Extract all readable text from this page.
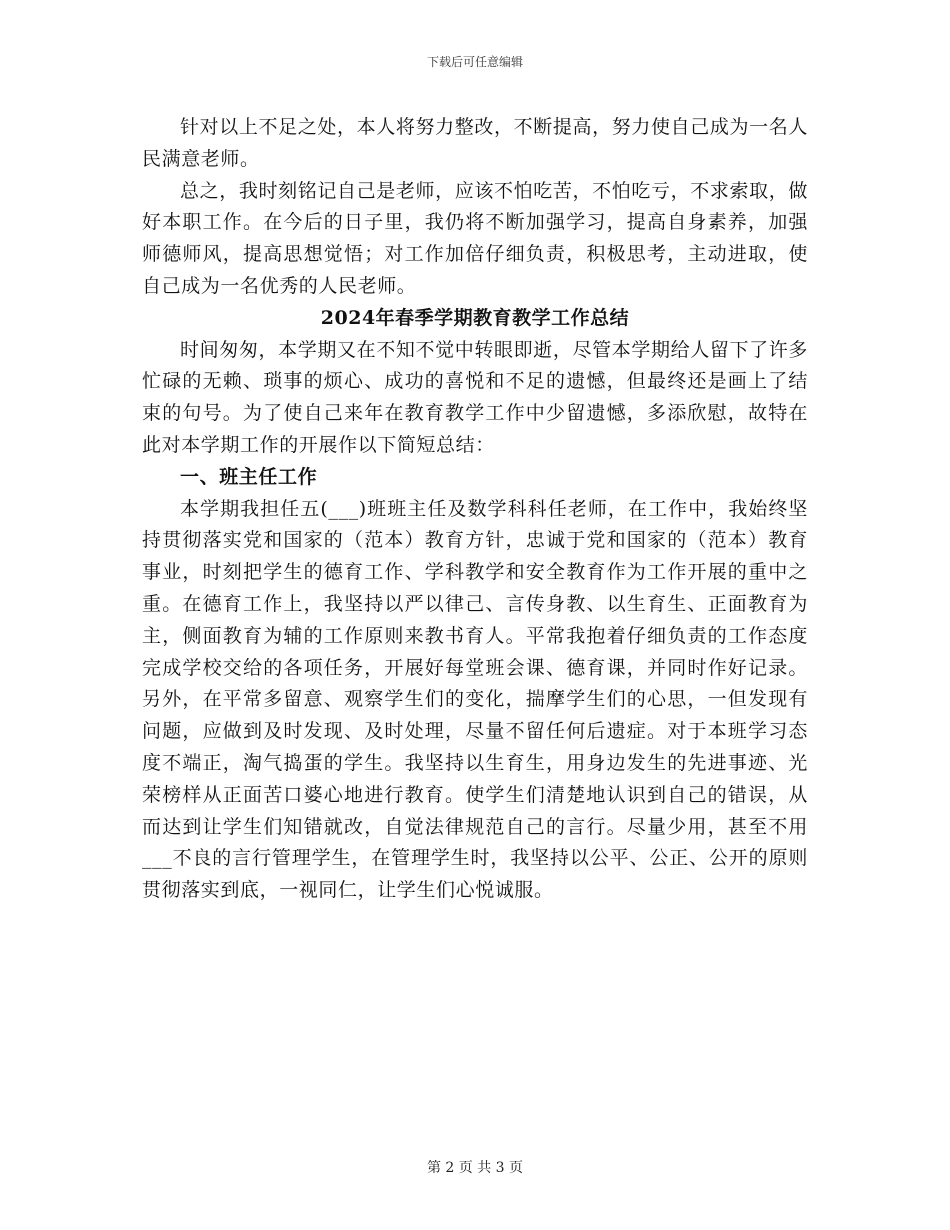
下载后可任意编辑

针对以上不足之处，本人将努力整改，不断提高，努力使自己成为一名人民满意老师。

总之，我时刻铭记自己是老师，应该不怕吃苦，不怕吃亏，不求索取，做好本职工作。在今后的日子里，我仍将不断加强学习，提高自身素养，加强师德师风，提高思想觉悟；对工作加倍仔细负责，积极思考，主动进取，使自己成为一名优秀的人民老师。

2024年春季学期教育教学工作总结

时间匆匆，本学期又在不知不觉中转眼即逝，尽管本学期给人留下了许多忙碌的无赖、琐事的烦心、成功的喜悦和不足的遗憾，但最终还是画上了结束的句号。为了使自己来年在教育教学工作中少留遗憾，多添欣慰，故特在此对本学期工作的开展作以下简短总结：

一、班主任工作

本学期我担任五(___)班班主任及数学科科任老师，在工作中，我始终坚持贯彻落实党和国家的（范本）教育方针，忠诚于党和国家的（范本）教育事业，时刻把学生的德育工作、学科教学和安全教育作为工作开展的重中之重。在德育工作上，我坚持以严以律己、言传身教、以生育生、正面教育为主，侧面教育为辅的工作原则来教书育人。平常我抱着仔细负责的工作态度完成学校交给的各项任务，开展好每堂班会课、德育课，并同时作好记录。另外，在平常多留意、观察学生们的变化，揣摩学生们的心思，一但发现有问题，应做到及时发现、及时处理，尽量不留任何后遗症。对于本班学习态度不端正，淘气捣蛋的学生。我坚持以生育生，用身边发生的先进事迹、光荣榜样从正面苦口婆心地进行教育。使学生们清楚地认识到自己的错误，从而达到让学生们知错就改，自觉法律规范自己的言行。尽量少用，甚至不用___不良的言行管理学生，在管理学生时，我坚持以公平、公正、公开的原则贯彻落实到底，一视同仁，让学生们心悦诚服。

第 2 页 共 3 页
